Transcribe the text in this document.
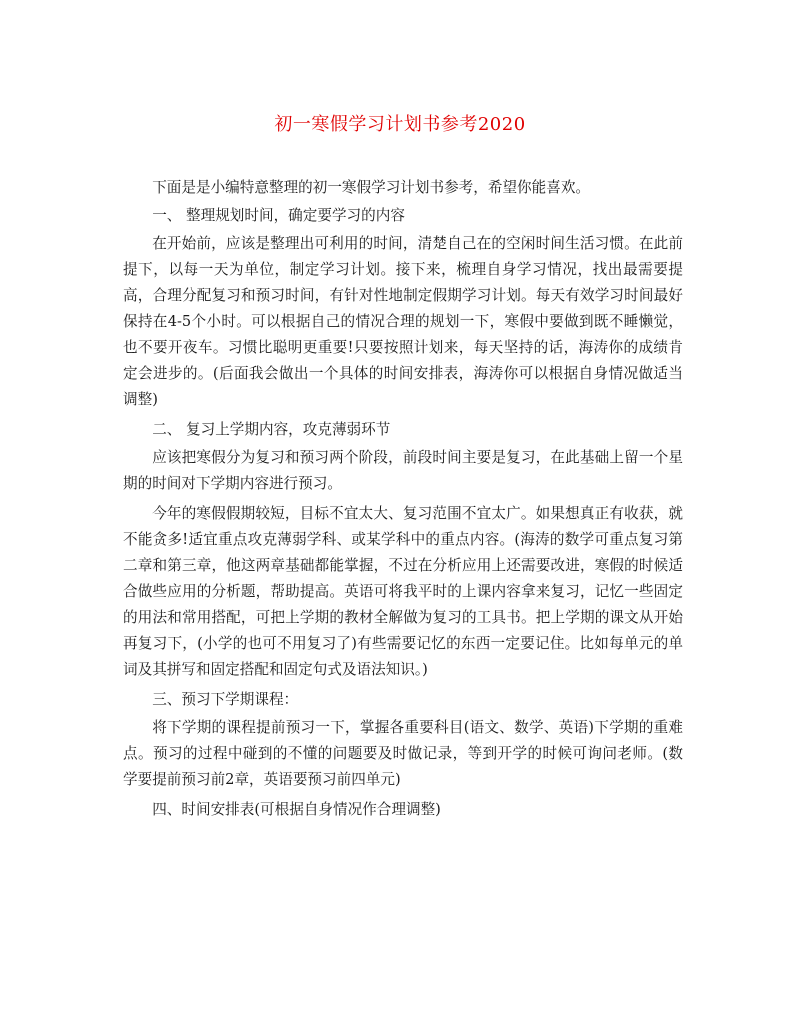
初一寒假学习计划书参考2020

下面是是小编特意整理的初一寒假学习计划书参考，希望你能喜欢。

一、 整理规划时间，确定要学习的内容

在开始前，应该是整理出可利用的时间，清楚自己在的空闲时间生活习惯。在此前提下，以每一天为单位，制定学习计划。接下来，梳理自身学习情况，找出最需要提高，合理分配复习和预习时间，有针对性地制定假期学习计划。每天有效学习时间最好保持在4-5个小时。可以根据自己的情况合理的规划一下，寒假中要做到既不睡懒觉，也不要开夜车。习惯比聪明更重要!只要按照计划来，每天坚持的话，海涛你的成绩肯定会进步的。(后面我会做出一个具体的时间安排表，海涛你可以根据自身情况做适当调整)

二、 复习上学期内容，攻克薄弱环节

应该把寒假分为复习和预习两个阶段，前段时间主要是复习，在此基础上留一个星期的时间对下学期内容进行预习。

今年的寒假假期较短，目标不宜太大、复习范围不宜太广。如果想真正有收获，就不能贪多!适宜重点攻克薄弱学科、或某学科中的重点内容。(海涛的数学可重点复习第二章和第三章，他这两章基础都能掌握，不过在分析应用上还需要改进，寒假的时候适合做些应用的分析题，帮助提高。英语可将我平时的上课内容拿来复习，记忆一些固定的用法和常用搭配，可把上学期的教材全解做为复习的工具书。把上学期的课文从开始再复习下，(小学的也可不用复习了)有些需要记忆的东西一定要记住。比如每单元的单词及其拼写和固定搭配和固定句式及语法知识。)

三、预习下学期课程：

将下学期的课程提前预习一下，掌握各重要科目(语文、数学、英语)下学期的重难点。预习的过程中碰到的不懂的问题要及时做记录，等到开学的时候可询问老师。(数学要提前预习前2章，英语要预习前四单元)

四、时间安排表(可根据自身情况作合理调整)
